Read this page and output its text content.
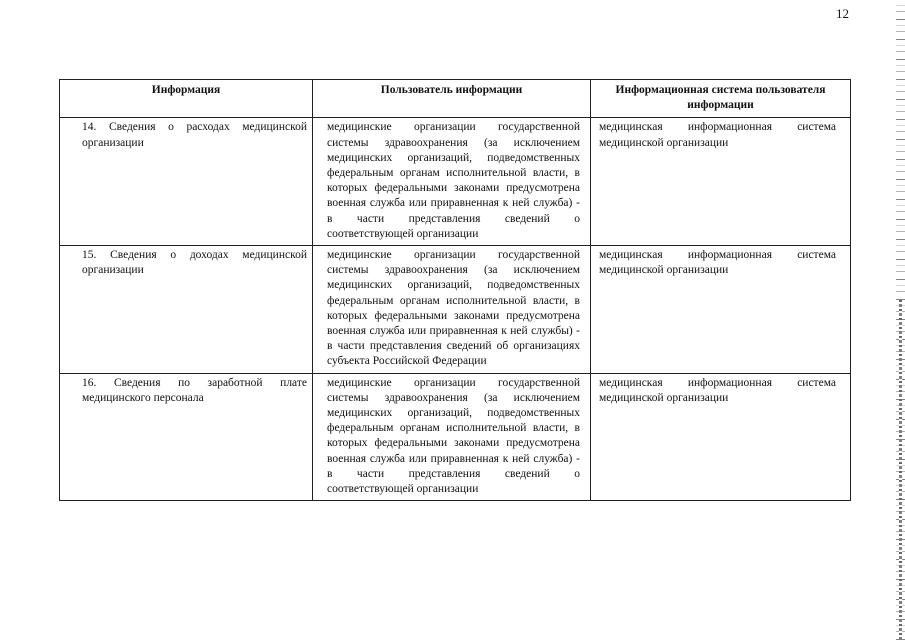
12
Информация	Пользователь информации	Информационная система пользователя информации
14. Сведения о расходах медицинской организации	медицинские организации государственной системы здравоохранения (за исключением медицинских организаций, подведомственных федеральным органам исполнительной власти, в которых федеральными законами предусмотрена военная служба или приравненная к ней служба) - в части представления сведений о соответствующей организации	медицинская информационная система медицинской организации
15. Сведения о доходах медицинской организации	медицинские организации государственной системы здравоохранения (за исключением медицинских организаций, подведомственных федеральным органам исполнительной власти, в которых федеральными законами предусмотрена военная служба или приравненная к ней службы) - в части представления сведений об организациях субъекта Российской Федерации	медицинская информационная система медицинской организации
16. Сведения по заработной плате медицинского персонала	медицинские организации государственной системы здравоохранения (за исключением медицинских организаций, подведомственных федеральным органам исполнительной власти, в которых федеральными законами предусмотрена военная служба или приравненная к ней служба) - в части представления сведений о соответствующей организации	медицинская информационная система медицинской организации
